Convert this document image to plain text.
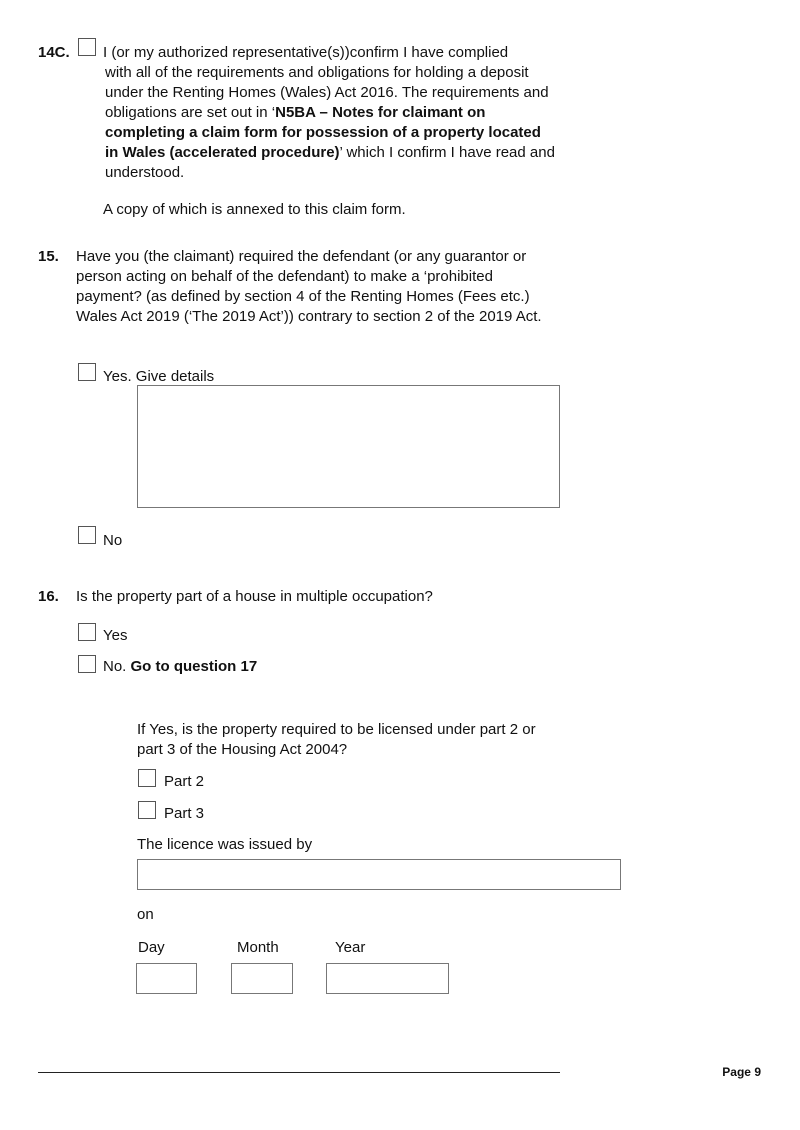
14C. I (or my authorized representative(s))confirm I have complied
with all of the requirements and obligations for holding a deposit under the Renting Homes (Wales) Act 2016. The requirements and obligations are set out in ‘N5BA – Notes for claimant on completing a claim form for possession of a property located in Wales (accelerated procedure)’ which I confirm I have read and understood.
A copy of which is annexed to this claim form.
15. Have you (the claimant) required the defendant (or any guarantor or person acting on behalf of the defendant) to make a ‘prohibited payment? (as defined by section 4 of the Renting Homes (Fees etc.) Wales Act 2019 (‘The 2019 Act’)) contrary to section 2 of the 2019 Act.
Yes. Give details
No
16. Is the property part of a house in multiple occupation?
Yes
No. Go to question 17
If Yes, is the property required to be licensed under part 2 or part 3 of the Housing Act 2004?
Part 2
Part 3
The licence was issued by
on
Day	Month	Year
Page 9
